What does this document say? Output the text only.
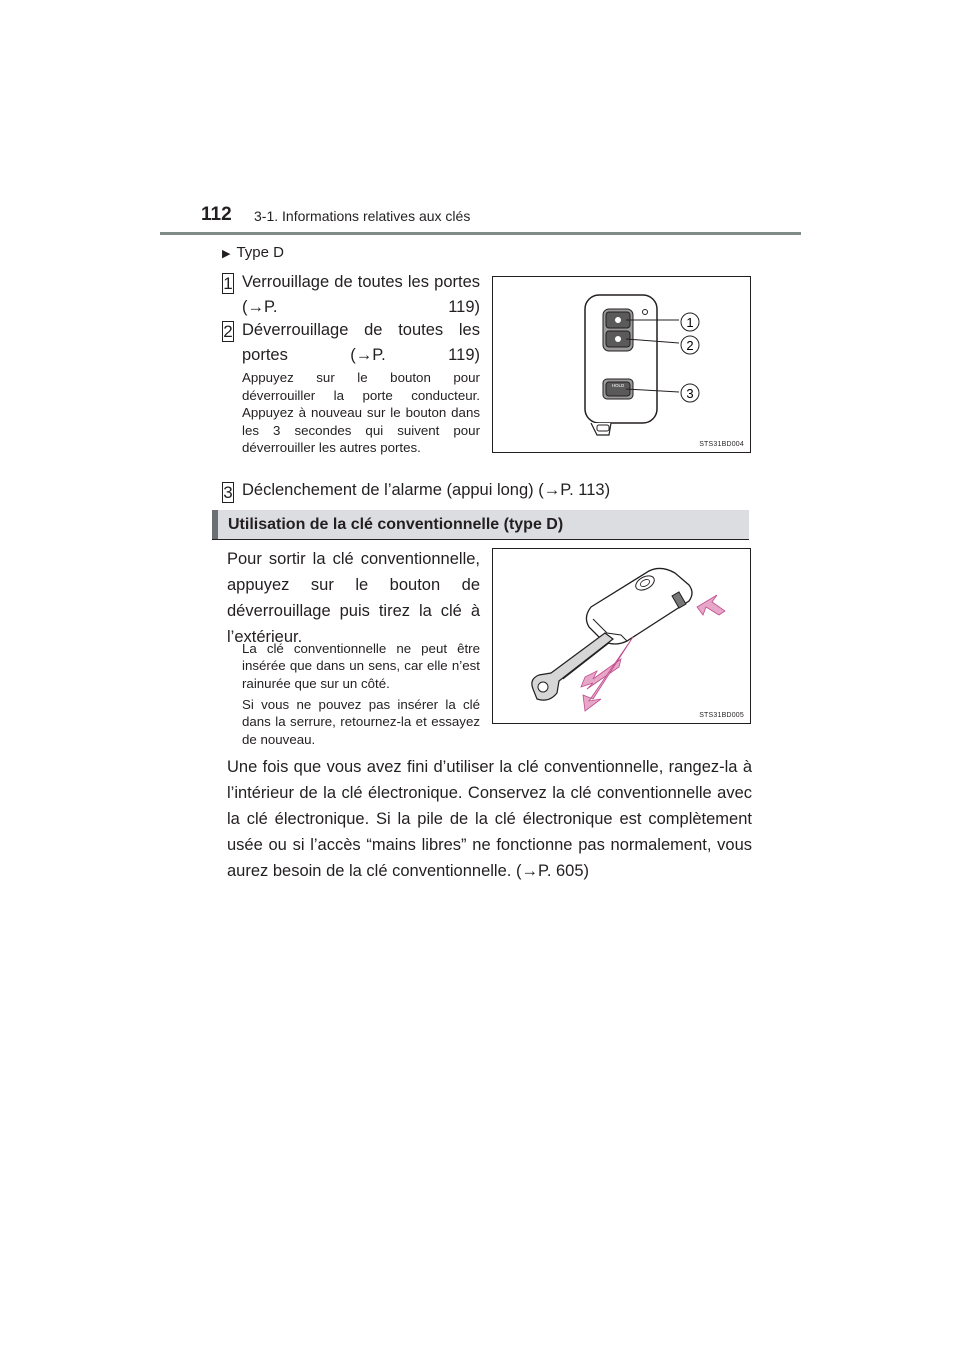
112 3-1. Informations relatives aux clés
▶ Type D
1 Verrouillage de toutes les portes (→P. 119)
2 Déverrouillage de toutes les portes (→P. 119)
Appuyez sur le bouton pour déverrouiller la porte conducteur. Appuyez à nouveau sur le bouton dans les 3 secondes qui suivent pour déverrouiller les autres portes.
HOLD
1
2
3
STS31BD004
3 Déclenchement de l’alarme (appui long) (→P. 113)
Utilisation de la clé conventionnelle (type D)
Pour sortir la clé conventionnelle, appuyez sur le bouton de déverrouillage puis tirez la clé à l’extérieur.
La clé conventionnelle ne peut être insérée que dans un sens, car elle n’est rainurée que sur un côté.
Si vous ne pouvez pas insérer la clé dans la serrure, retournez-la et essayez de nouveau.
STS31BD005
Une fois que vous avez fini d’utiliser la clé conventionnelle, rangez-la à l’intérieur de la clé électronique. Conservez la clé conventionnelle avec la clé électronique. Si la pile de la clé électronique est complètement usée ou si l’accès “mains libres” ne fonctionne pas normalement, vous aurez besoin de la clé conventionnelle. (→P. 605)
